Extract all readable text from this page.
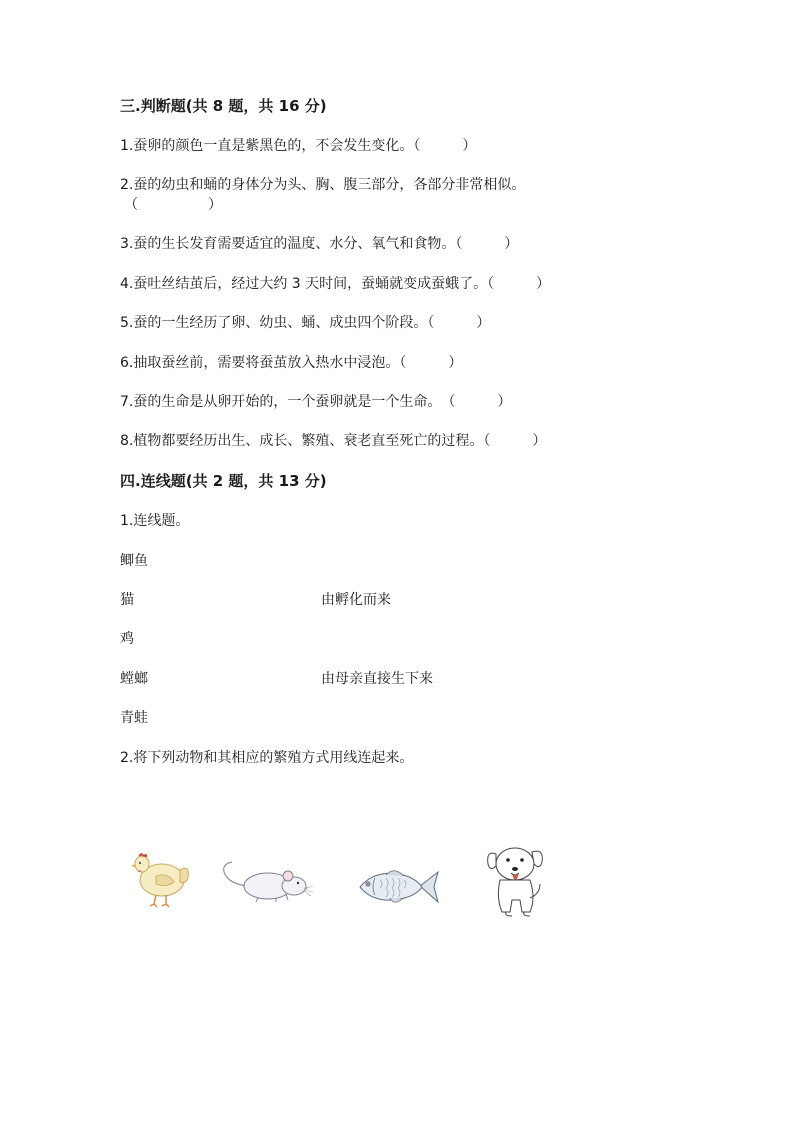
三.判断题(共 8 题，共 16 分)
1.蚕卵的颜色一直是紫黑色的，不会发生变化。（　　　）
2.蚕的幼虫和蛹的身体分为头、胸、腹三部分，各部分非常相似。
（　　　　　）
3.蚕的生长发育需要适宜的温度、水分、氧气和食物。（　　　）
4.蚕吐丝结茧后，经过大约 3 天时间，蚕蛹就变成蚕蛾了。（　　　）
5.蚕的一生经历了卵、幼虫、蛹、成虫四个阶段。（　　　）
6.抽取蚕丝前，需要将蚕茧放入热水中浸泡。（　　　）
7.蚕的生命是从卵开始的，一个蚕卵就是一个生命。　（　　　）
8.植物都要经历出生、成长、繁殖、衰老直至死亡的过程。（　　　）
四.连线题(共 2 题，共 13 分)
1.连线题。
鲫鱼
猫
鸡
螳螂
青蛙
由孵化而来
由母亲直接生下来
2.将下列动物和其相应的繁殖方式用线连起来。
